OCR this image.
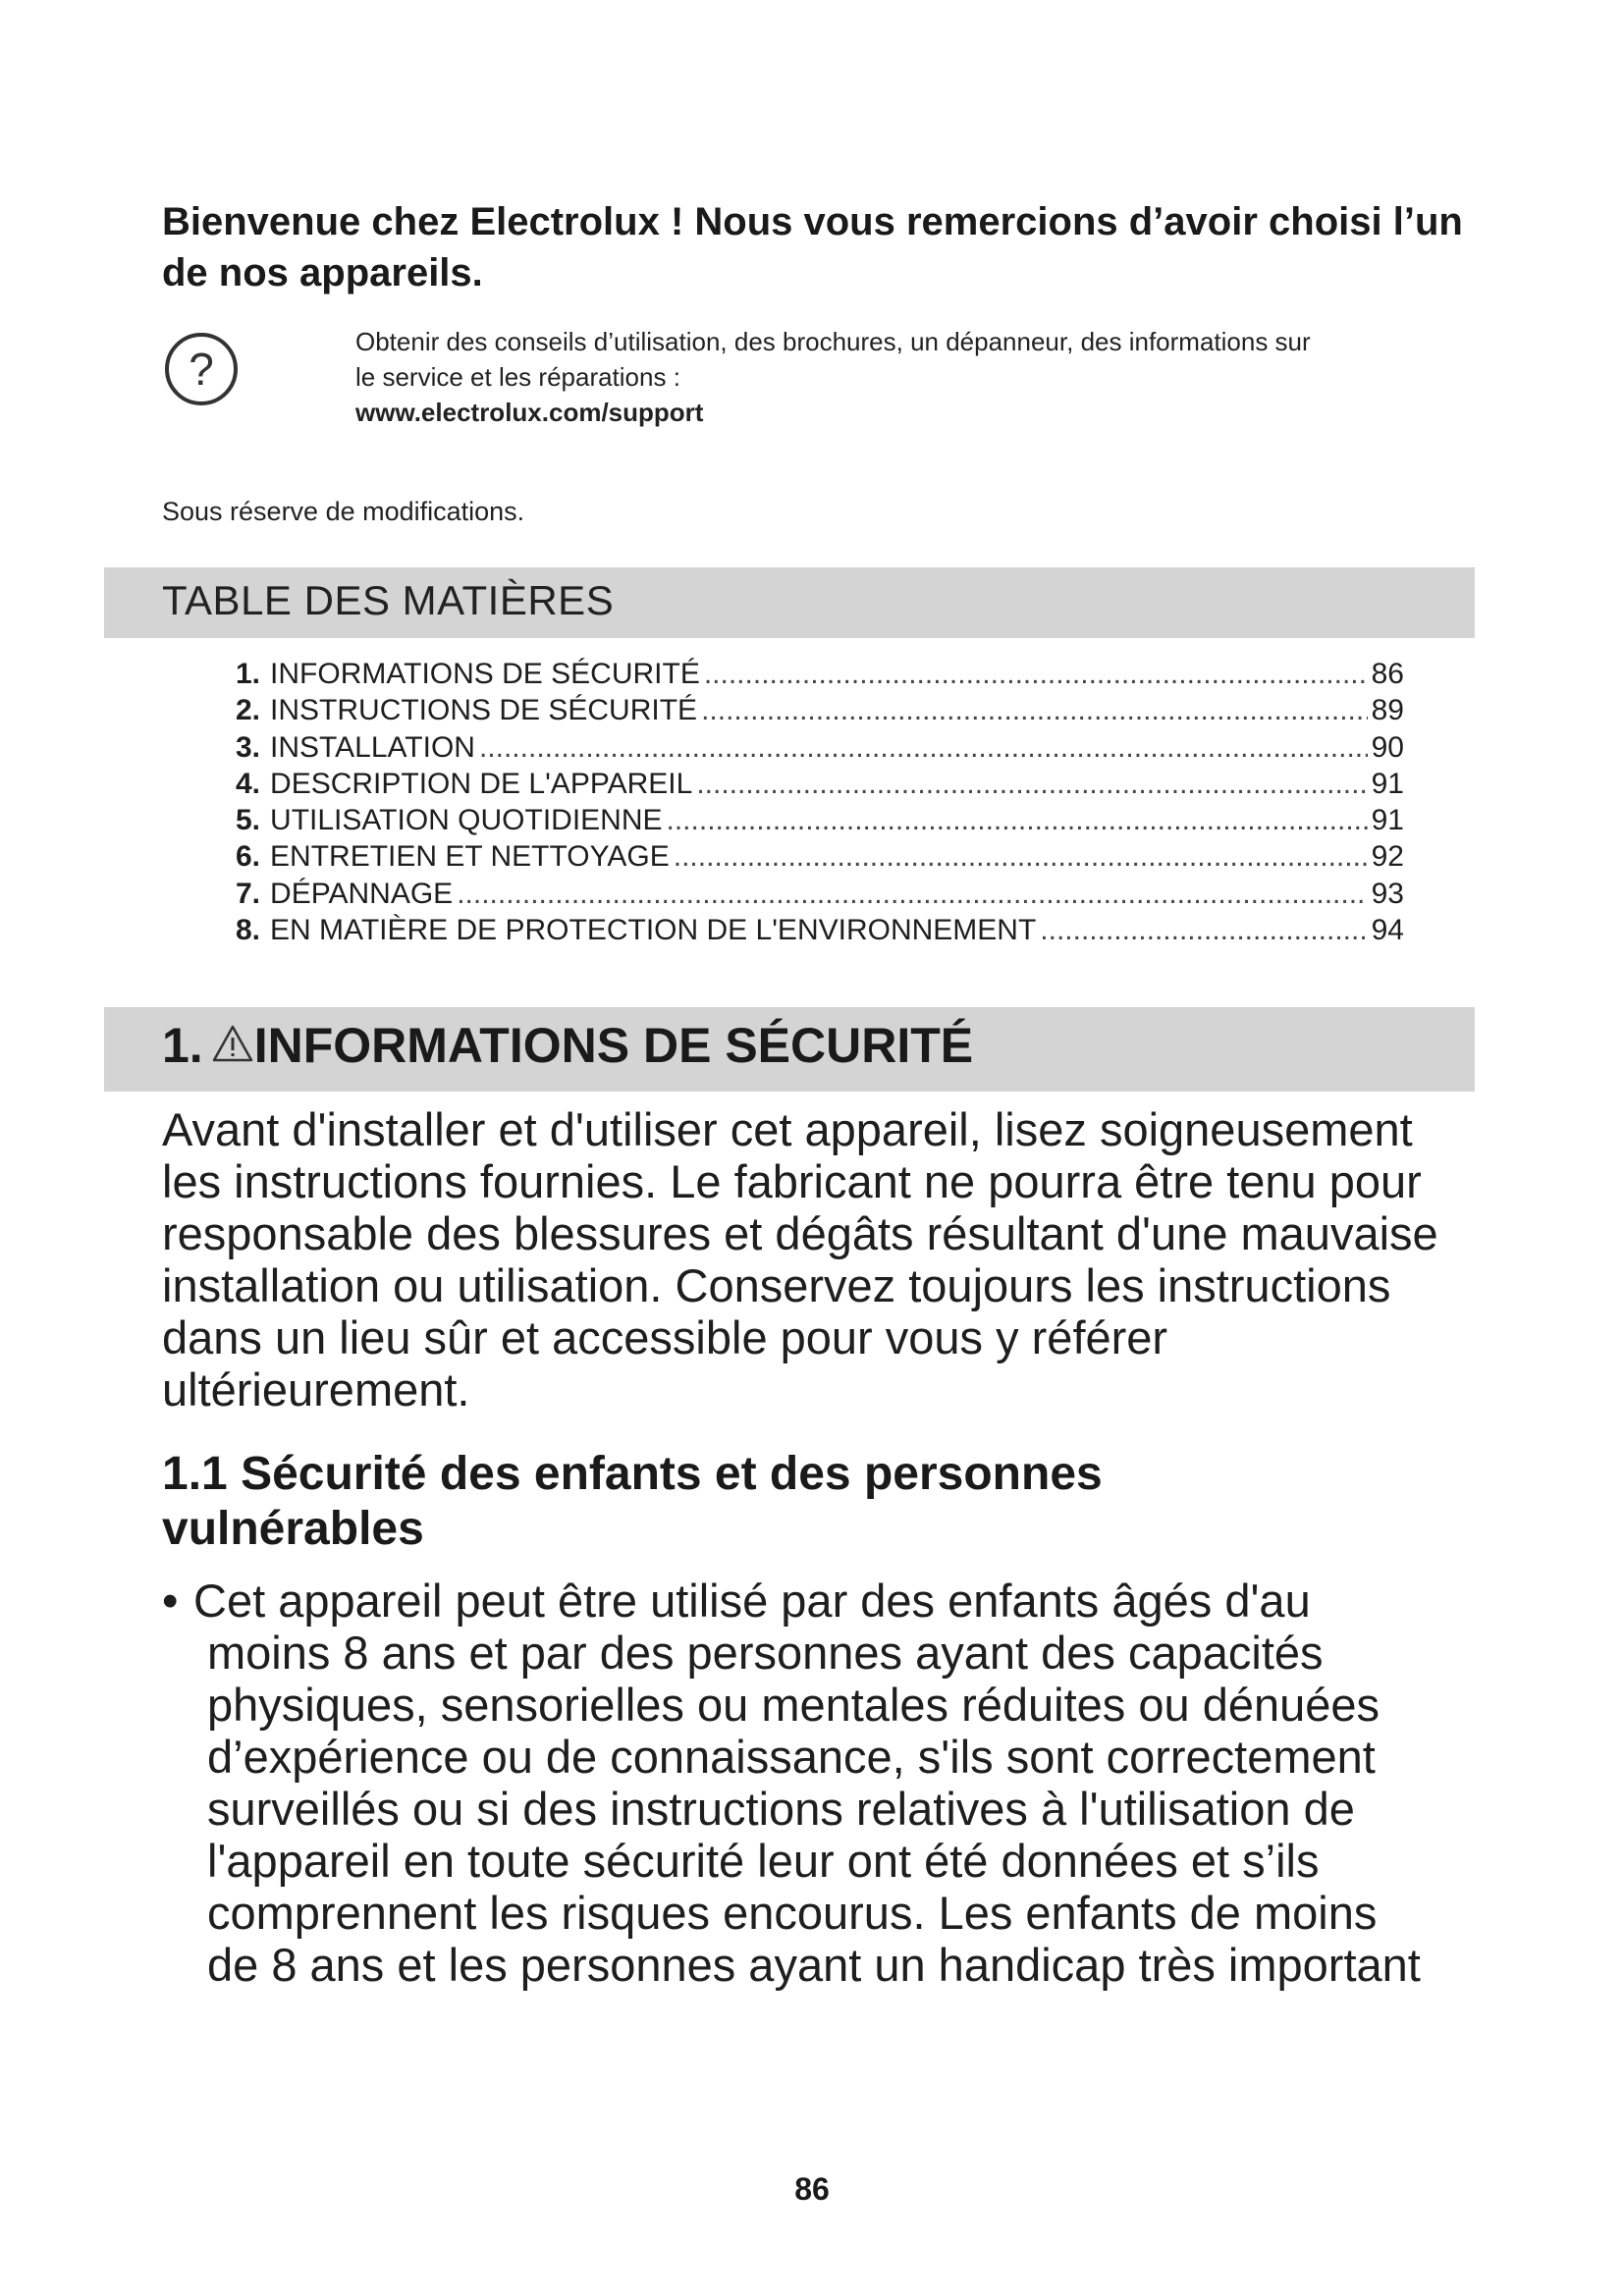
Bienvenue chez Electrolux ! Nous vous remercions d’avoir choisi l’un de nos appareils.
?
Obtenir des conseils d’utilisation, des brochures, un dépanneur, des informations sur
le service et les réparations :
www.electrolux.com/support
Sous réserve de modifications.
TABLE DES MATIÈRES
1. INFORMATIONS DE SÉCURITÉ .....	86
2. INSTRUCTIONS DE SÉCURITÉ .....	89
3. INSTALLATION .....	90
4. DESCRIPTION DE L'APPAREIL .....	91
5. UTILISATION QUOTIDIENNE .....	91
6. ENTRETIEN ET NETTOYAGE .....	92
7. DÉPANNAGE .....	93
8. EN MATIÈRE DE PROTECTION DE L'ENVIRONNEMENT .....	94
1. INFORMATIONS DE SÉCURITÉ

Avant d'installer et d'utiliser cet appareil, lisez soigneusement les instructions fournies. Le fabricant ne pourra être tenu pour responsable des blessures et dégâts résultant d'une mauvaise installation ou utilisation. Conservez toujours les instructions dans un lieu sûr et accessible pour vous y référer ultérieurement.

1.1 Sécurité des enfants et des personnes
vulnérables
• Cet appareil peut être utilisé par des enfants âgés d'au
moins 8 ans et par des personnes ayant des capacités
physiques, sensorielles ou mentales réduites ou dénuées
d’expérience ou de connaissance, s'ils sont correctement
surveillés ou si des instructions relatives à l'utilisation de
l'appareil en toute sécurité leur ont été données et s’ils
comprennent les risques encourus. Les enfants de moins
de 8 ans et les personnes ayant un handicap très important
86
